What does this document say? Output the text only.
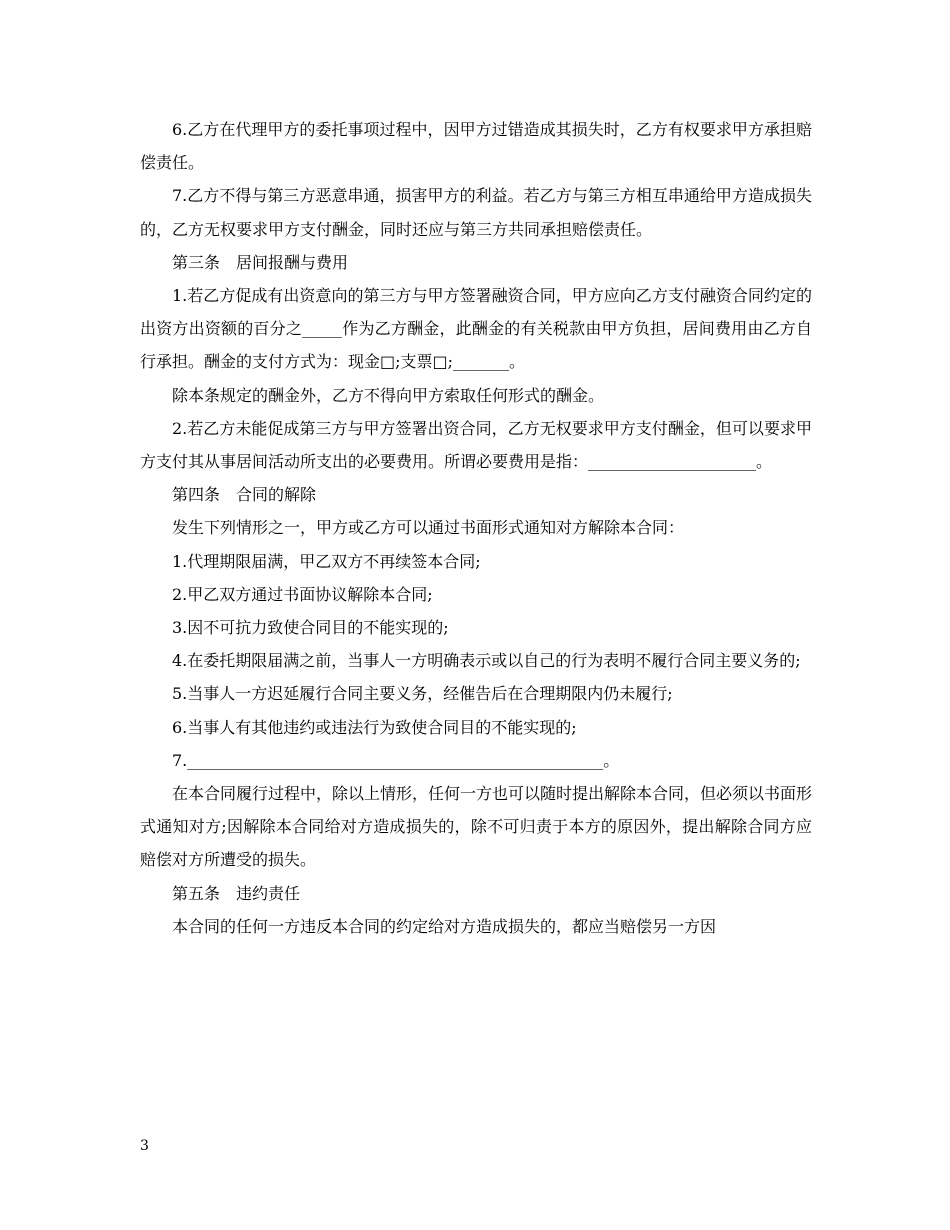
6.乙方在代理甲方的委托事项过程中，因甲方过错造成其损失时，乙方有权要求甲方承担赔偿责任。

7.乙方不得与第三方恶意串通，损害甲方的利益。若乙方与第三方相互串通给甲方造成损失的，乙方无权要求甲方支付酬金，同时还应与第三方共同承担赔偿责任。

第三条　居间报酬与费用

1.若乙方促成有出资意向的第三方与甲方签署融资合同，甲方应向乙方支付融资合同约定的出资方出资额的百分之_____作为乙方酬金，此酬金的有关税款由甲方负担，居间费用由乙方自行承担。酬金的支付方式为：现金□;支票□;_______。

除本条规定的酬金外，乙方不得向甲方索取任何形式的酬金。

2.若乙方未能促成第三方与甲方签署出资合同，乙方无权要求甲方支付酬金，但可以要求甲方支付其从事居间活动所支出的必要费用。所谓必要费用是指：_____________________。

第四条　合同的解除

发生下列情形之一，甲方或乙方可以通过书面形式通知对方解除本合同：

1.代理期限届满，甲乙双方不再续签本合同;

2.甲乙双方通过书面协议解除本合同;

3.因不可抗力致使合同目的不能实现的;

4.在委托期限届满之前，当事人一方明确表示或以自己的行为表明不履行合同主要义务的;

5.当事人一方迟延履行合同主要义务，经催告后在合理期限内仍未履行;

6.当事人有其他违约或违法行为致使合同目的不能实现的;

7.____________________________________________________。

在本合同履行过程中，除以上情形，任何一方也可以随时提出解除本合同，但必须以书面形式通知对方;因解除本合同给对方造成损失的，除不可归责于本方的原因外，提出解除合同方应赔偿对方所遭受的损失。

第五条　违约责任

本合同的任何一方违反本合同的约定给对方造成损失的，都应当赔偿另一方因

3
